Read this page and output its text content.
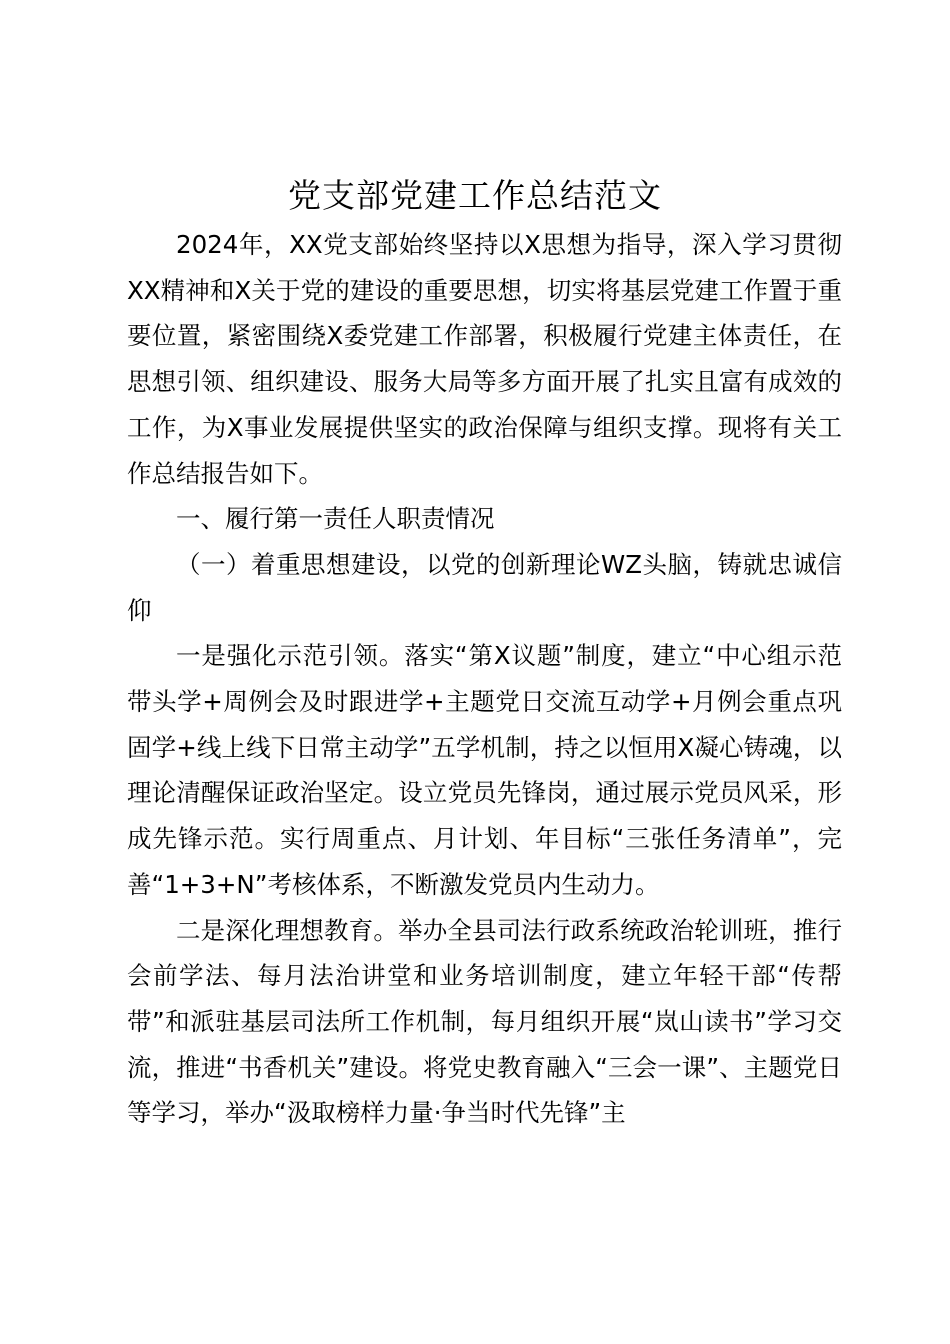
党支部党建工作总结范文

2024年，XX党支部始终坚持以X思想为指导，深入学习贯彻XX精神和X关于党的建设的重要思想，切实将基层党建工作置于重要位置，紧密围绕X委党建工作部署，积极履行党建主体责任，在思想引领、组织建设、服务大局等多方面开展了扎实且富有成效的工作，为X事业发展提供坚实的政治保障与组织支撑。现将有关工作总结报告如下。

一、履行第一责任人职责情况

（一）着重思想建设，以党的创新理论WZ头脑，铸就忠诚信仰

一是强化示范引领。落实“第X议题”制度，建立“中心组示范带头学+周例会及时跟进学+主题党日交流互动学+月例会重点巩固学+线上线下日常主动学”五学机制，持之以恒用X凝心铸魂，以理论清醒保证政治坚定。设立党员先锋岗，通过展示党员风采，形成先锋示范。实行周重点、月计划、年目标“三张任务清单”，完善“1+3+N”考核体系，不断激发党员内生动力。

二是深化理想教育。举办全县司法行政系统政治轮训班，推行会前学法、每月法治讲堂和业务培训制度，建立年轻干部“传帮带”和派驻基层司法所工作机制，每月组织开展“岚山读书”学习交流，推进“书香机关”建设。将党史教育融入“三会一课”、主题党日等学习，举办“汲取榜样力量·争当时代先锋”主
